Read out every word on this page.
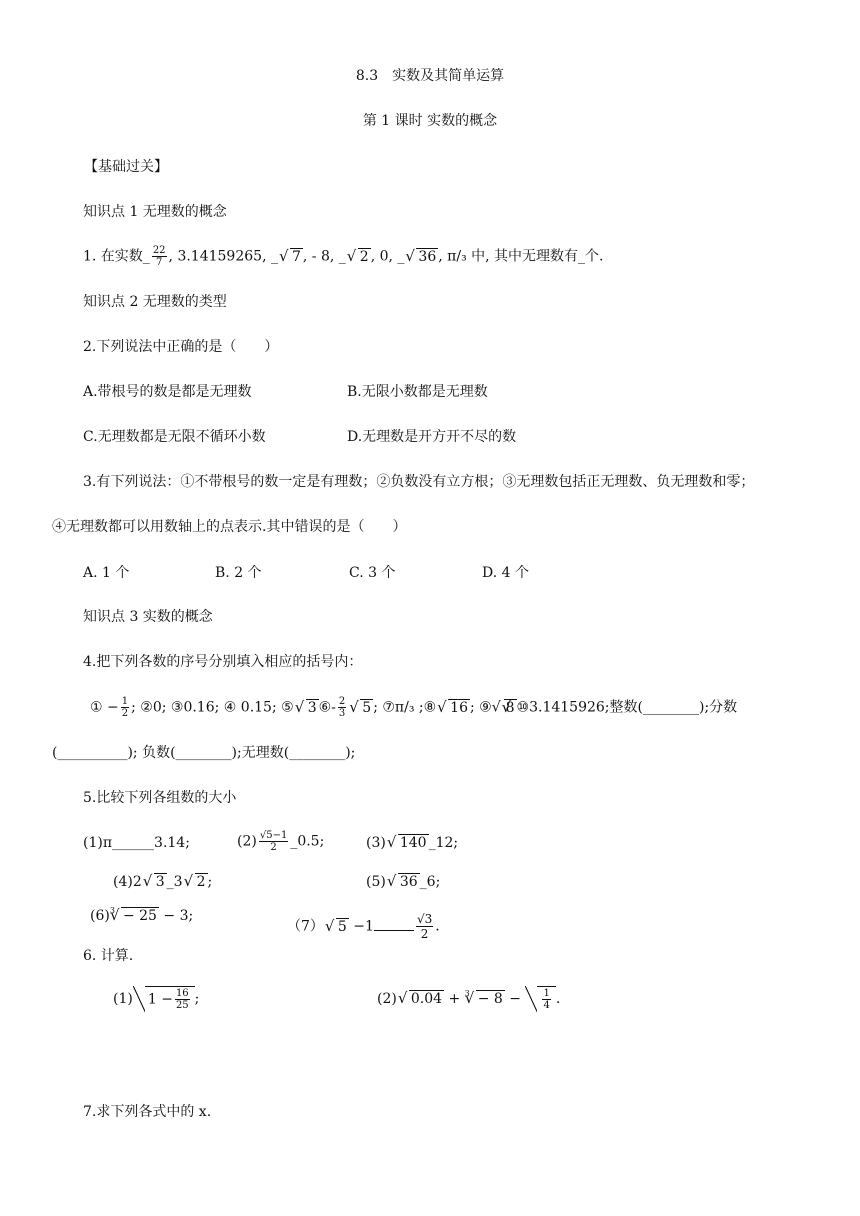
8.3　实数及其简单运算
第 1 课时 实数的概念
【基础过关】
知识点 1 无理数的概念
1. 在实数_ $\frac{22}{7}$ , 3.14159265, _√ 7 , - 8, _√ 2 , 0, _√ 36 , π/₃ 中, 其中无理数有_个.
知识点 2 无理数的类型
2.下列说法中正确的是（　　）
A.带根号的数是都是无理数	B.无限小数都是无理数
C.无理数都是无限不循环小数	D.无理数是开方开不尽的数
3.有下列说法：①不带根号的数一定是有理数；②负数没有立方根；③无理数包括正无理数、负无理数和零；
④无理数都可以用数轴上的点表示.其中错误的是（　　）
A. 1 个	B. 2 个	C. 3 个	D. 4 个
知识点 3 实数的概念
4.把下列各数的序号分别填入相应的括号内：
① − $\frac{1}{2}$ ; ②0; ③0.16; ④ 0.15; ⑤√ 3 ⑥- $\frac{2}{3}$
√ 5 ; ⑦π/₃ ;⑧√ 16 ; ⑨√√ 8 ⑩3.1415926;整数(________);分数
(__________); 负数(________);无理数(________);
5.比较下列各组数的大小
(1)π______3.14;	$(2) \frac{√5-1}{2}$ _0.5;	(3)√ 140 _12;
(4)2√ 3 _3√ 2 ;	(5)√ 36 _6;
$(6)^3√ - 25 - 3$;
（7）√ 5 −1	$\frac{√3}{2}$ .
6. 计算.
(1) $1 - \frac{16}{25}$ ;	(2)√ $0.04 + ^3√ - 8 - \frac{1}{4}$ .
7.求下列各式中的 x.
